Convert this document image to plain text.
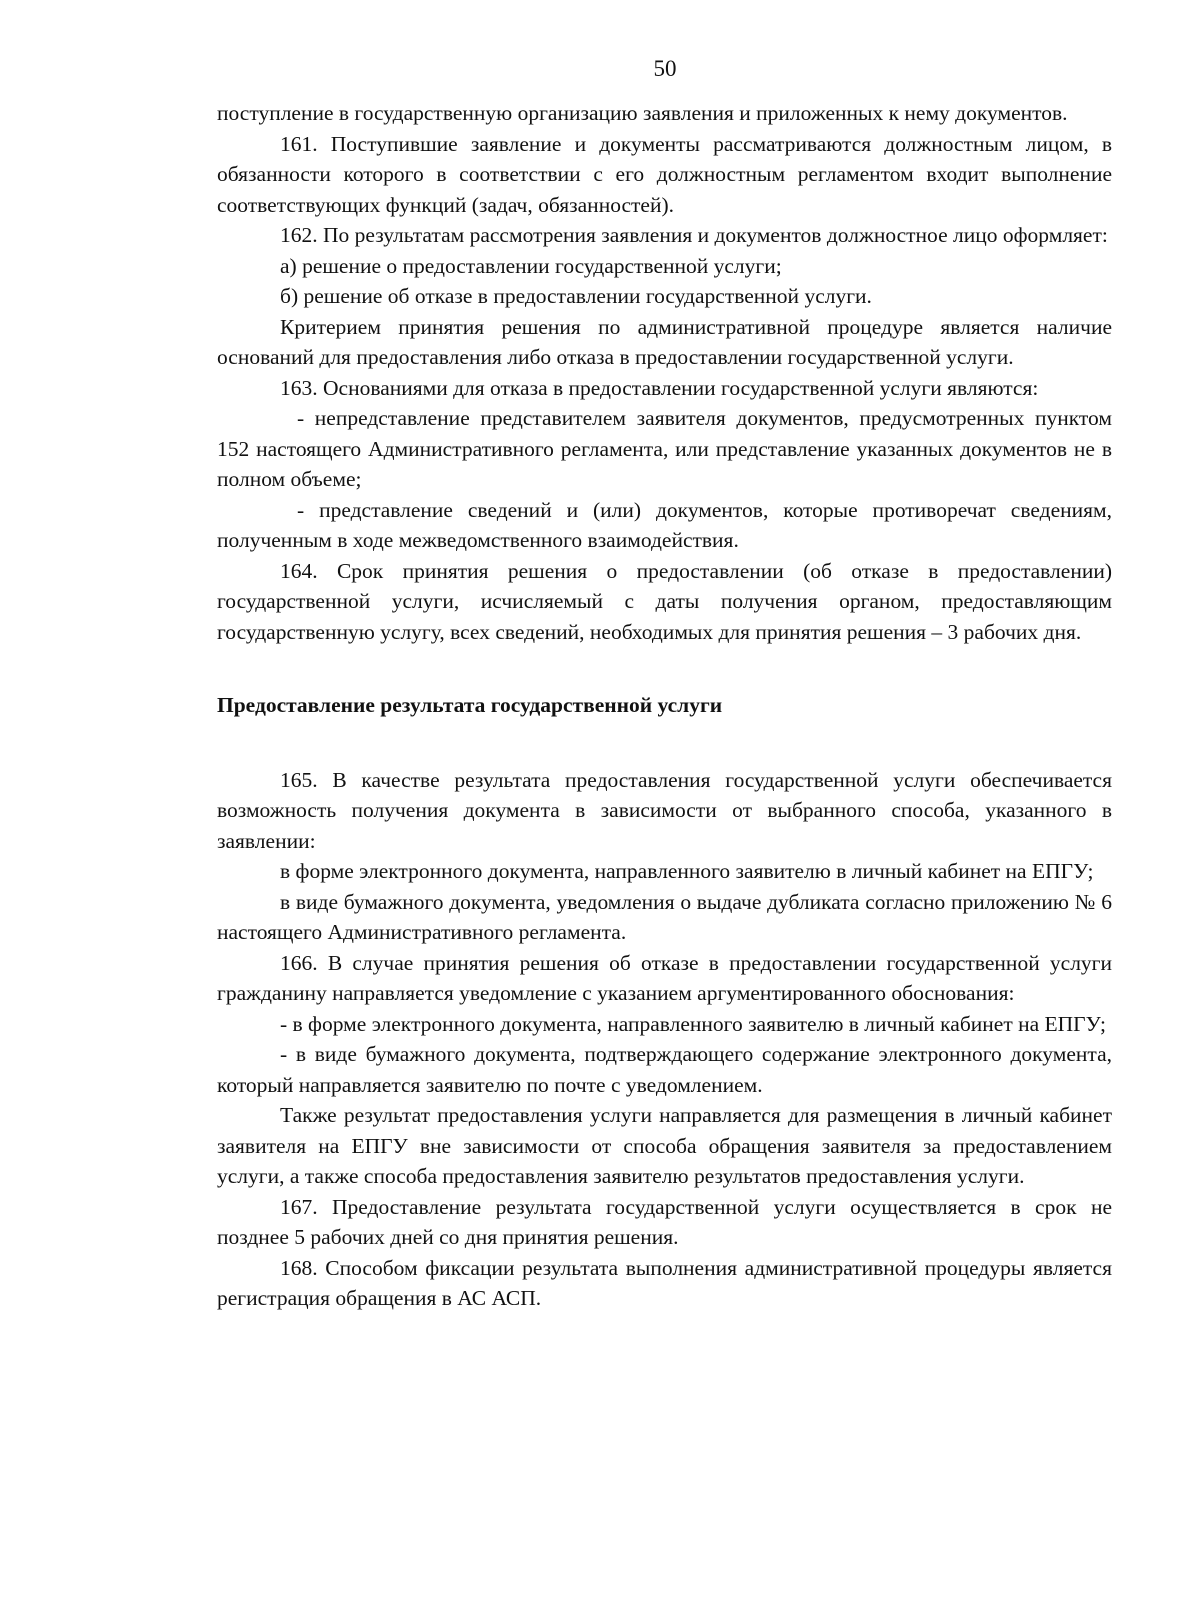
50

поступление в государственную организацию заявления и приложенных к нему документов.

161. Поступившие заявление и документы рассматриваются должностным лицом, в обязанности которого в соответствии с его должностным регламентом входит выполнение соответствующих функций (задач, обязанностей).

162. По результатам рассмотрения заявления и документов должностное лицо оформляет:

а) решение о предоставлении государственной услуги;

б) решение об отказе в предоставлении государственной услуги.

Критерием принятия решения по административной процедуре является наличие оснований для предоставления либо отказа в предоставлении государственной услуги.

163. Основаниями для отказа в предоставлении государственной услуги являются:

- непредставление представителем заявителя документов, предусмотренных пунктом 152 настоящего Административного регламента, или представление указанных документов не в полном объеме;

- представление сведений и (или) документов, которые противоречат сведениям, полученным в ходе межведомственного взаимодействия.

164. Срок принятия решения о предоставлении (об отказе в предоставлении) государственной услуги, исчисляемый с даты получения органом, предоставляющим государственную услугу, всех сведений, необходимых для принятия решения – 3 рабочих дня.

Предоставление результата государственной услуги

165. В качестве результата предоставления государственной услуги обеспечивается возможность получения документа в зависимости от выбранного способа, указанного в заявлении:

в форме электронного документа, направленного заявителю в личный кабинет на ЕПГУ;

в виде бумажного документа, уведомления о выдаче дубликата согласно приложению № 6 настоящего Административного регламента.

166. В случае принятия решения об отказе в предоставлении государственной услуги гражданину направляется уведомление с указанием аргументированного обоснования:

- в форме электронного документа, направленного заявителю в личный кабинет на ЕПГУ;

- в виде бумажного документа, подтверждающего содержание электронного документа, который направляется заявителю по почте с уведомлением.

Также результат предоставления услуги направляется для размещения в личный кабинет заявителя на ЕПГУ вне зависимости от способа обращения заявителя за предоставлением услуги, а также способа предоставления заявителю результатов предоставления услуги.

167. Предоставление результата государственной услуги осуществляется в срок не позднее 5 рабочих дней со дня принятия решения.

168. Способом фиксации результата выполнения административной процедуры является регистрация обращения в АС АСП.
